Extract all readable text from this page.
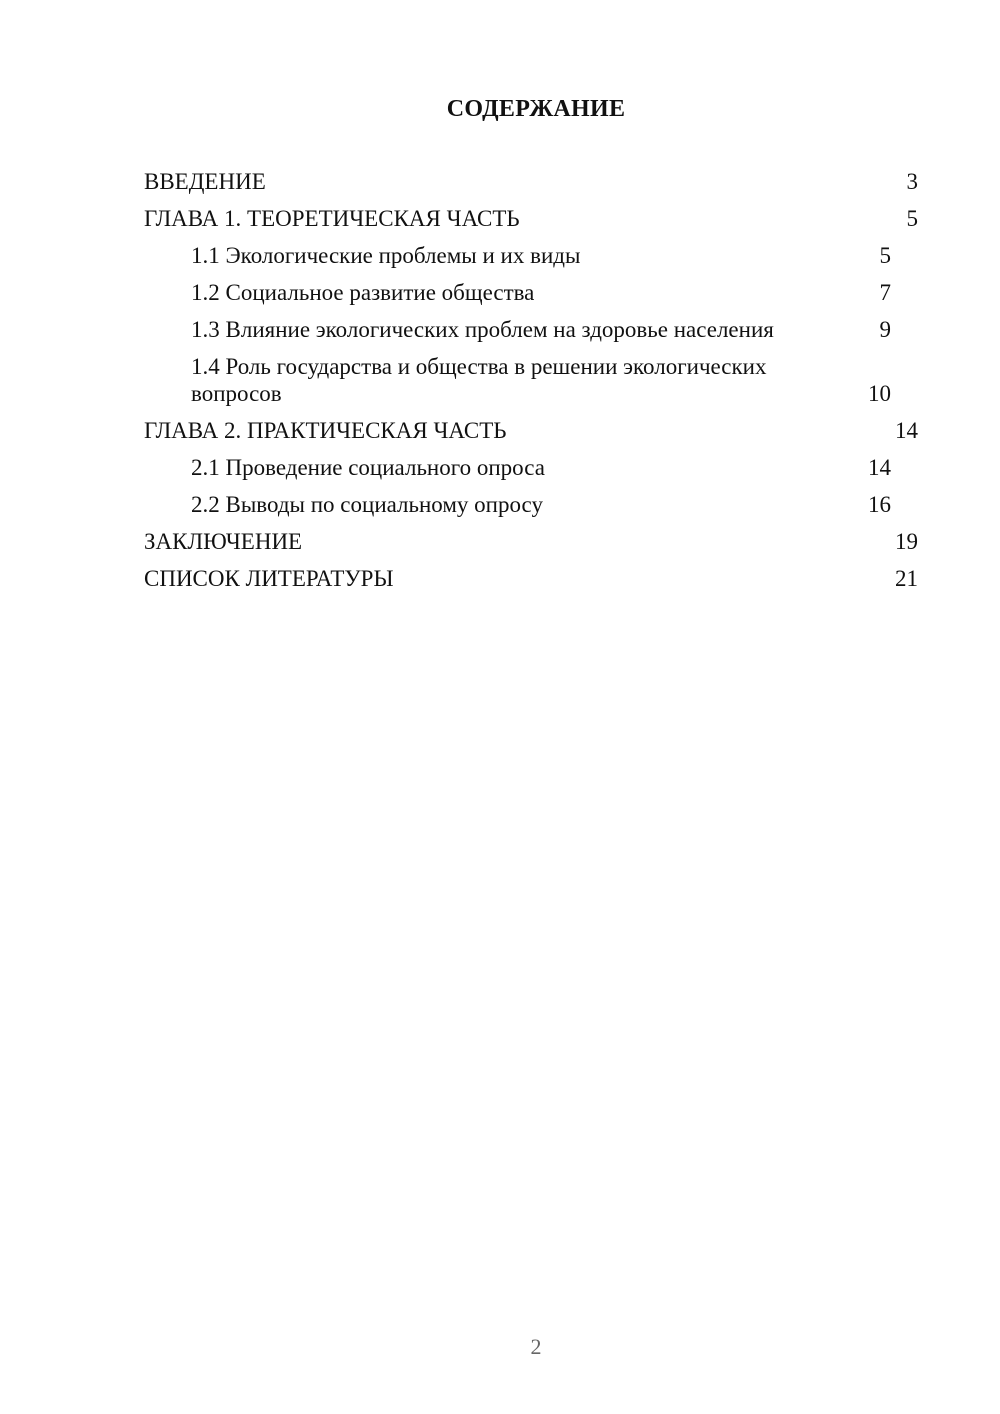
СОДЕРЖАНИЕ
ВВЕДЕНИЕ	3
ГЛАВА 1. ТЕОРЕТИЧЕСКАЯ ЧАСТЬ	5
1.1 Экологические проблемы и их виды	5
1.2 Социальное развитие общества	7
1.3 Влияние экологических проблем на здоровье населения	9
1.4 Роль государства и общества в решении экологических вопросов	10
ГЛАВА 2. ПРАКТИЧЕСКАЯ ЧАСТЬ	14
2.1 Проведение социального опроса	14
2.2 Выводы по социальному опросу	16
ЗАКЛЮЧЕНИЕ	19
СПИСОК ЛИТЕРАТУРЫ	21
2
